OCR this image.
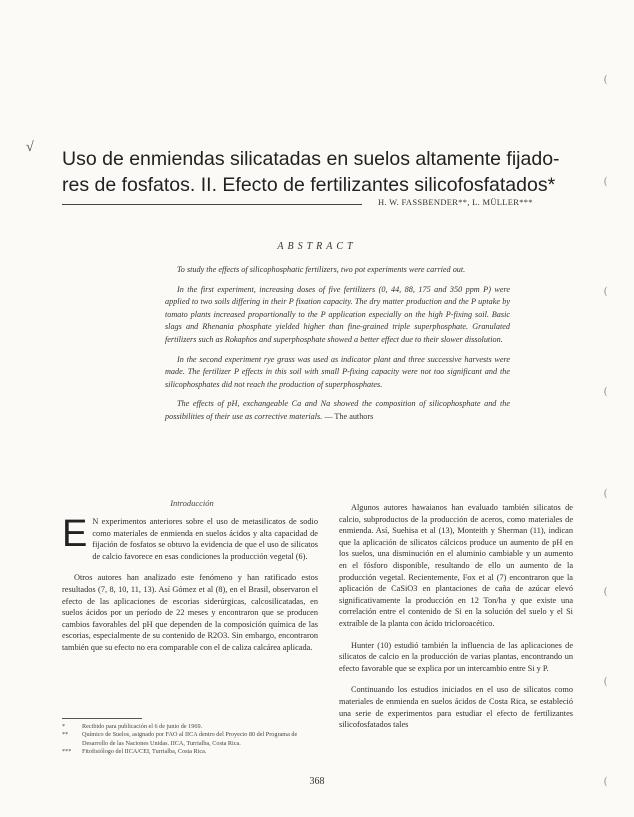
√
Uso de enmiendas silicatadas en suelos altamente fijado-
res de fosfatos. II. Efecto de fertilizantes silicofosfatados*
H. W. FASSBENDER**, L. MÜLLER***
ABSTRACT

To study the effects of silicophosphatic fertilizers, two pot experiments were carried out.

In the first experiment, increasing doses of five fertilizers (0, 44, 88, 175 and 350 ppm P) were applied to two soils differing in their P fixation capacity. The dry matter production and the P uptake by tomato plants increased proportionally to the P application especially on the high P-fixing soil. Basic slags and Rhenania phosphate yielded higher than fine-grained triple superphosphate. Granulated fertilizers such as Rokaphos and superphosphate showed a better effect due to their slower dissolution.

In the second experiment rye grass was used as indicator plant and three successive harvests were made. The fertilizer P effects in this soil with small P-fixing capacity were not too significant and the silicophosphates did not reach the production of superphosphates.

The effects of pH, exchangeable Ca and Na showed the composition of silicophosphate and the possibilities of their use as corrective materials. — The authors

Introducción

E N experimentos anteriores sobre el uso de metasilicatos de sodio como materiales de enmienda en suelos ácidos y alta capacidad de fijación de fosfatos se obtuvo la evidencia de que el uso de silicatos de calcio favorece en esas condiciones la producción vegetal (6).

Otros autores han analizado este fenómeno y han ratificado estos resultados (7, 8, 10, 11, 13). Así Gómez et al (8), en el Brasil, observaron el efecto de las aplicaciones de escorias siderúrgicas, calcosilicatadas, en suelos ácidos por un período de 22 meses y encontraron que se producen cambios favorables del pH que dependen de la composición química de las escorias, especialmente de su contenido de R2O3. Sin embargo, encontraron también que su efecto no era comparable con el de caliza calcárea aplicada.

Algunos autores hawaianos han evaluado también silicatos de calcio, subproductos de la producción de aceros, como materiales de enmienda. Así, Suehisa et al (13), Monteith y Sherman (11), indican que la aplicación de silicatos cálcicos produce un aumento de pH en los suelos, una disminución en el aluminio cambiable y un aumento en el fósforo disponible, resultando de ello un aumento de la producción vegetal. Recientemente, Fox et al (7) encontraron que la aplicación de CaSiO3 en plantaciones de caña de azúcar elevó significativamente la producción en 12 Ton/ha y que existe una correlación entre el contenido de Si en la solución del suelo y el Si extraíble de la planta con ácido tricloroacético.

Hunter (10) estudió también la influencia de las aplicaciones de silicatos de calcio en la producción de varias plantas, encontrando un efecto favorable que se explica por un intercambio entre Si y P.

Continuando los estudios iniciados en el uso de silicatos como materiales de enmienda en suelos ácidos de Costa Rica, se estableció una serie de experimentos para estudiar el efecto de fertilizantes silicofosfatados tales

*	Recibido para publicación el 6 de junio de 1969.
** Químico de Suelos, asignado por FAO al IICA dentro del Proyecto 80 del Programa de Desarrollo de las Naciones Unidas. IICA, Turrialba, Costa Rica.
*** Fitofisiólogo del IICA/CEI, Turrialba, Costa Rica.
368
(
(
(
(
(
(
(
(
